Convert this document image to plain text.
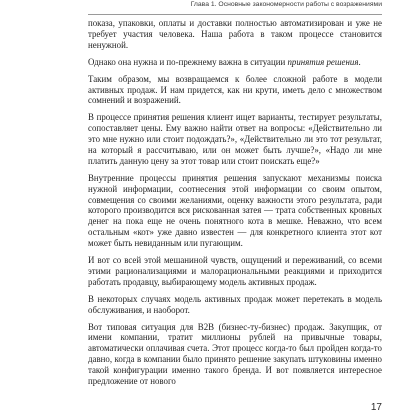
Глава 1. Основные закономерности работы с возражениями

показа, упаковки, оплаты и доставки полностью автоматизирован и уже не требует участия человека. Наша работа в таком процессе становится ненужной.

Однако она нужна и по-прежнему важна в ситуации принятия решения.

Таким образом, мы возвращаемся к более сложной работе в модели активных продаж. И нам придется, как ни крути, иметь дело с множеством сомнений и возражений.

В процессе принятия решения клиент ищет варианты, тестирует результаты, сопоставляет цены. Ему важно найти ответ на вопросы: «Действительно ли это мне нужно или стоит подождать?», «Действительно ли это тот результат, на который я рассчитываю, или он может быть лучше?», «Надо ли мне платить данную цену за этот товар или стоит поискать еще?»

Внутренние процессы принятия решения запускают механизмы поиска нужной информации, соотнесения этой информации со своим опытом, совмещения со своими желаниями, оценку важности этого результата, ради которого производится вся рискованная затея — трата собственных кровных денег на пока еще не очень понятного кота в мешке. Неважно, что всем остальным «кот» уже давно известен — для конкретного клиента этот кот может быть невиданным или пугающим.

И вот со всей этой мешаниной чувств, ощущений и переживаний, со всеми этими рационализациями и малорациональными реакциями и приходится работать продавцу, выбирающему модель активных продаж.

В некоторых случаях модель активных продаж может перетекать в модель обслуживания, и наоборот.

Вот типовая ситуация для B2B (бизнес-ту-бизнес) продаж. Закупщик, от имени компании, тратит миллионы рублей на привычные товары, автоматически оплачивая счета. Этот процесс когда-то был пройден когда-то давно, когда в компании было принято решение закупать штуковины именно такой конфигурации именно такого бренда. И вот появляется интересное предложение от нового

17
